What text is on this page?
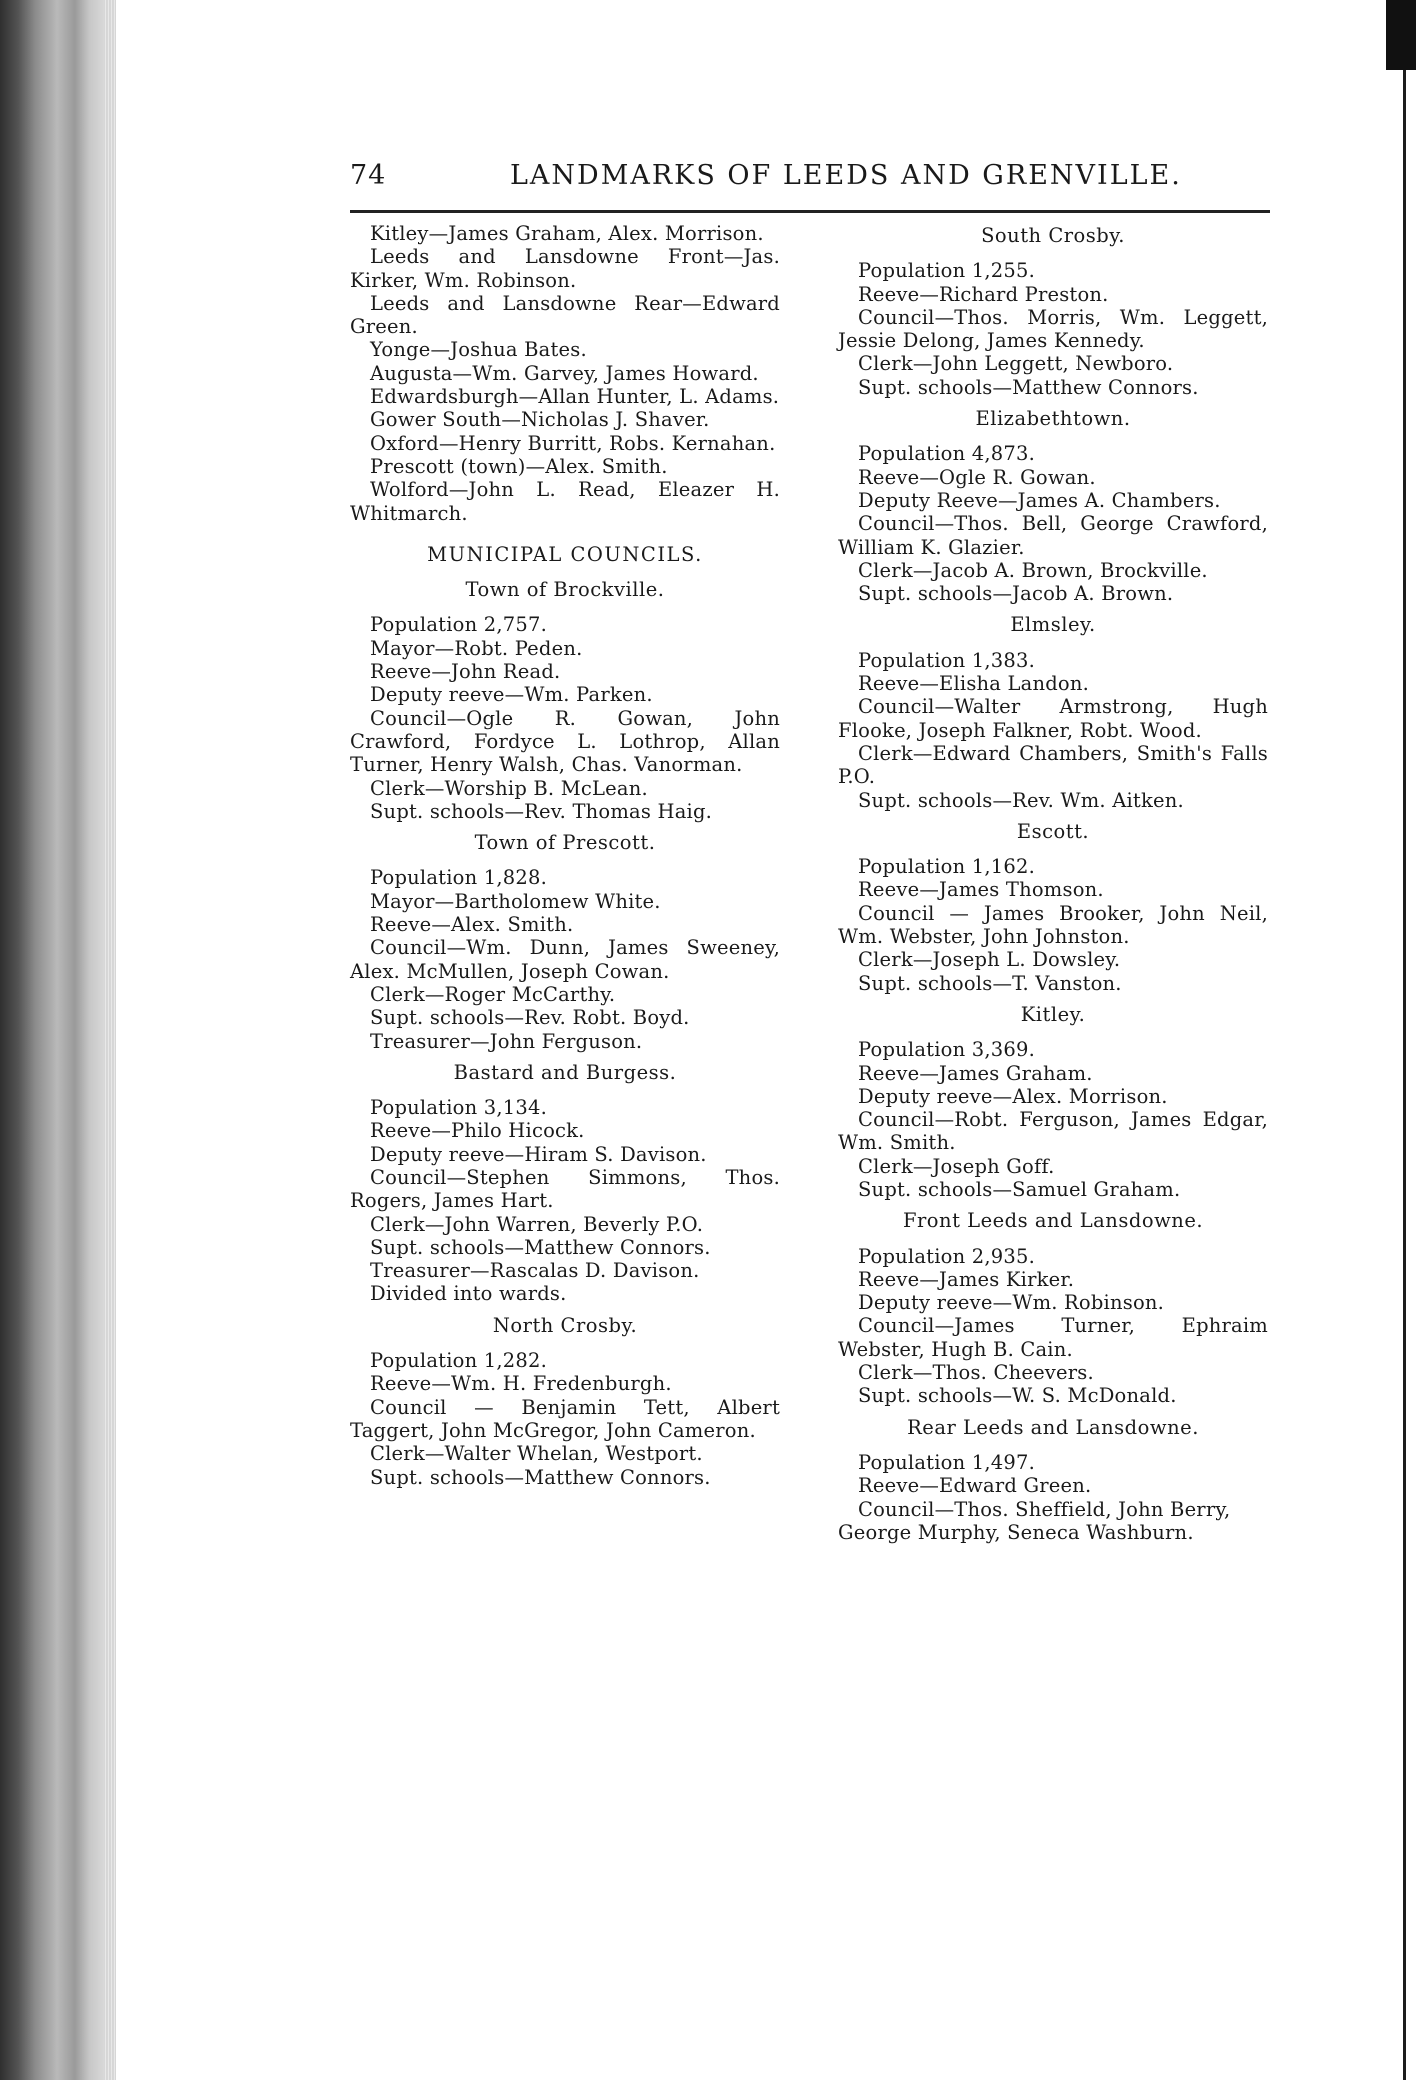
74	LANDMARKS OF LEEDS AND GRENVILLE.

Kitley—James Graham, Alex. Morrison.

Leeds and Lansdowne Front—Jas. Kirker, Wm. Robinson.

Leeds and Lansdowne Rear—Edward Green.

Yonge—Joshua Bates.

Augusta—Wm. Garvey, James Howard.

Edwardsburgh—Allan Hunter, L. Adams.

Gower South—Nicholas J. Shaver.

Oxford—Henry Burritt, Robs. Kernahan.

Prescott (town)—Alex. Smith.

Wolford—John L. Read, Eleazer H. Whitmarch.

MUNICIPAL COUNCILS.
Town of Brockville.

Population 2,757.

Mayor—Robt. Peden.

Reeve—John Read.

Deputy reeve—Wm. Parken.

Council—Ogle R. Gowan, John Crawford, Fordyce L. Lothrop, Allan Turner, Henry Walsh, Chas. Vanorman.

Clerk—Worship B. McLean.

Supt. schools—Rev. Thomas Haig.

Town of Prescott.

Population 1,828.

Mayor—Bartholomew White.

Reeve—Alex. Smith.

Council—Wm. Dunn, James Sweeney, Alex. McMullen, Joseph Cowan.

Clerk—Roger McCarthy.

Supt. schools—Rev. Robt. Boyd.

Treasurer—John Ferguson.

Bastard and Burgess.

Population 3,134.

Reeve—Philo Hicock.

Deputy reeve—Hiram S. Davison.

Council—Stephen Simmons, Thos. Rogers, James Hart.

Clerk—John Warren, Beverly P.O.

Supt. schools—Matthew Connors.

Treasurer—Rascalas D. Davison.

Divided into wards.

North Crosby.

Population 1,282.

Reeve—Wm. H. Fredenburgh.

Council — Benjamin Tett, Albert Taggert, John McGregor, John Cameron.

Clerk—Walter Whelan, Westport.

Supt. schools—Matthew Connors.

South Crosby.

Population 1,255.

Reeve—Richard Preston.

Council—Thos. Morris, Wm. Leggett, Jessie Delong, James Kennedy.

Clerk—John Leggett, Newboro.

Supt. schools—Matthew Connors.

Elizabethtown.

Population 4,873.

Reeve—Ogle R. Gowan.

Deputy Reeve—James A. Chambers.

Council—Thos. Bell, George Crawford, William K. Glazier.

Clerk—Jacob A. Brown, Brockville.

Supt. schools—Jacob A. Brown.

Elmsley.

Population 1,383.

Reeve—Elisha Landon.

Council—Walter Armstrong, Hugh Flooke, Joseph Falkner, Robt. Wood.

Clerk—Edward Chambers, Smith's Falls P.O.

Supt. schools—Rev. Wm. Aitken.

Escott.

Population 1,162.

Reeve—James Thomson.

Council — James Brooker, John Neil, Wm. Webster, John Johnston.

Clerk—Joseph L. Dowsley.

Supt. schools—T. Vanston.

Kitley.

Population 3,369.

Reeve—James Graham.

Deputy reeve—Alex. Morrison.

Council—Robt. Ferguson, James Edgar, Wm. Smith.

Clerk—Joseph Goff.

Supt. schools—Samuel Graham.

Front Leeds and Lansdowne.

Population 2,935.

Reeve—James Kirker.

Deputy reeve—Wm. Robinson.

Council—James Turner, Ephraim Webster, Hugh B. Cain.

Clerk—Thos. Cheevers.

Supt. schools—W. S. McDonald.

Rear Leeds and Lansdowne.

Population 1,497.

Reeve—Edward Green.

Council—Thos. Sheffield, John Berry, George Murphy, Seneca Washburn.
